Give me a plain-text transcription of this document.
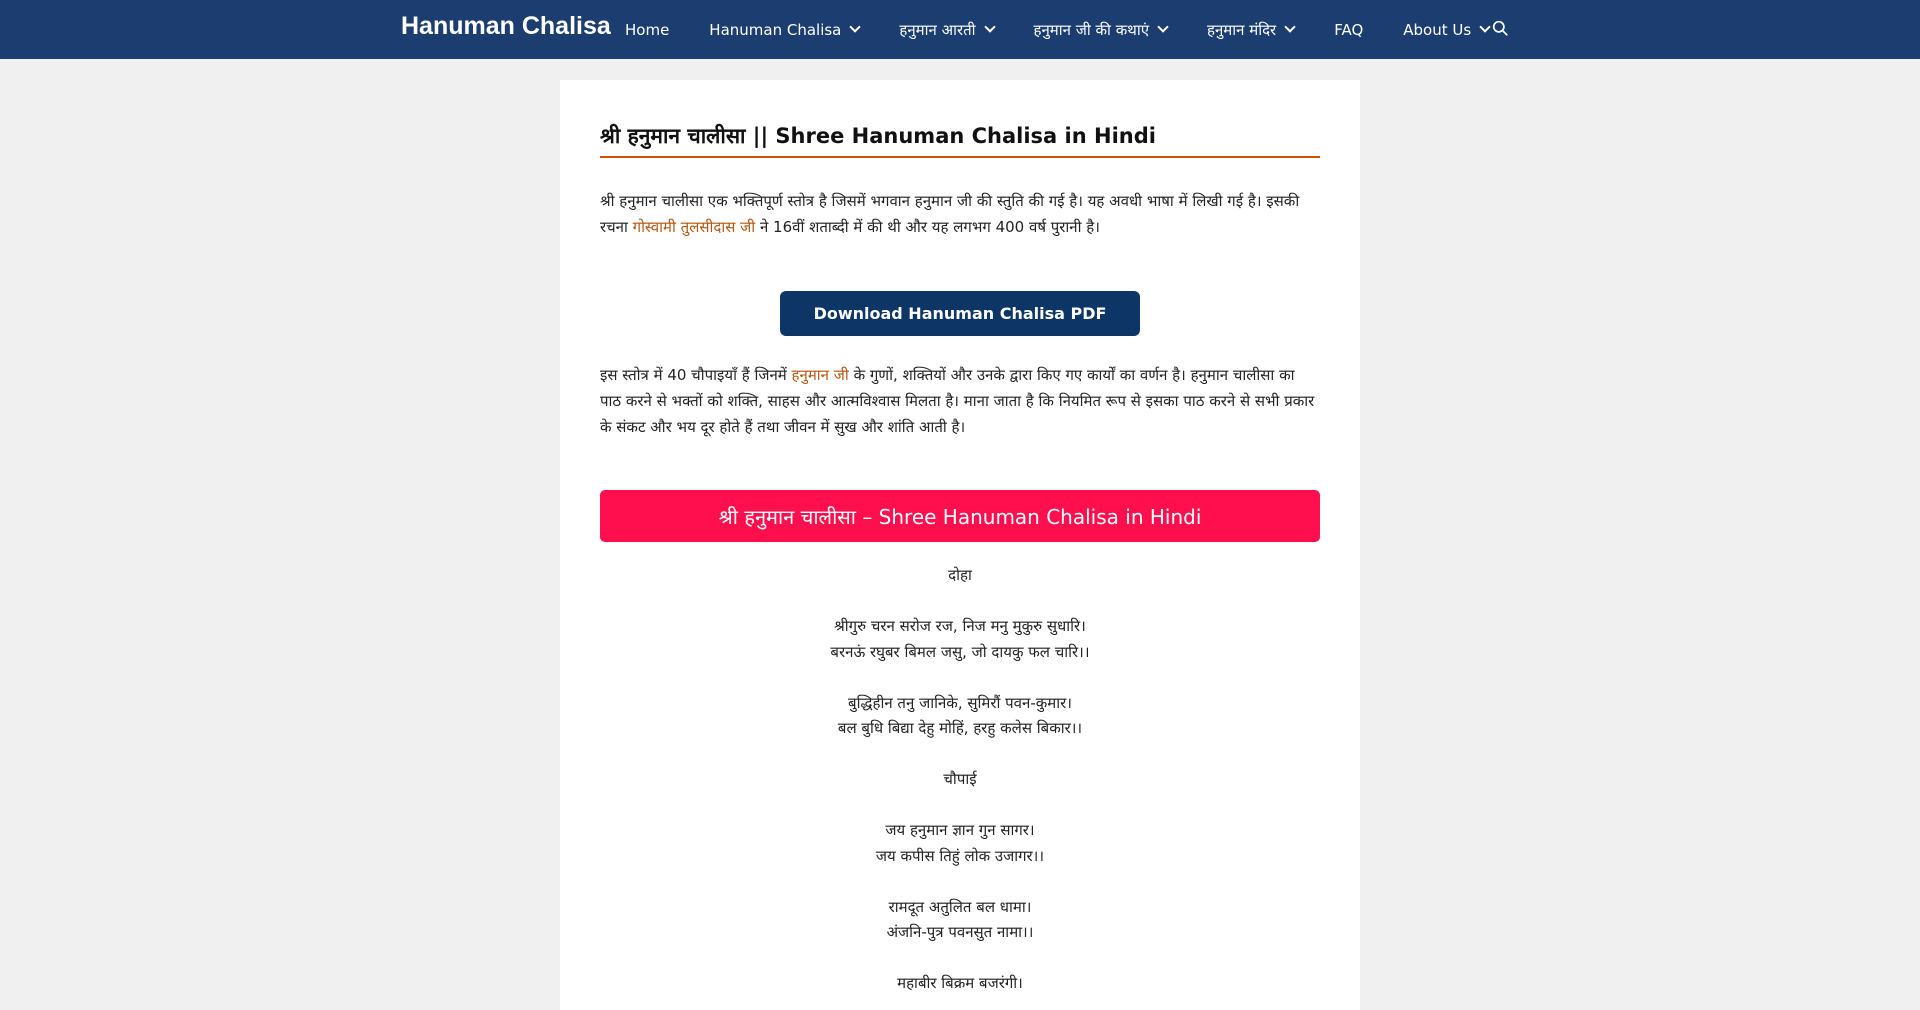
Hanuman Chalisa Home	Hanuman Chalisa	हनुमान आरती	हनुमान जी की कथाएं	हनुमान मंदिर	FAQ	About Us
श्री हनुमान चालीसा || Shree Hanuman Chalisa in Hindi

श्री हनुमान चालीसा एक भक्तिपूर्ण स्तोत्र है जिसमें भगवान हनुमान जी की स्तुति की गई है। यह अवधी भाषा में लिखी गई है। इसकी रचना गोस्वामी तुलसीदास जी ने 16वीं शताब्दी में की थी और यह लगभग 400 वर्ष पुरानी है।

Download Hanuman Chalisa PDF

इस स्तोत्र में 40 चौपाइयाँ हैं जिनमें हनुमान जी के गुणों, शक्तियों और उनके द्वारा किए गए कार्यों का वर्णन है। हनुमान चालीसा का पाठ करने से भक्तों को शक्ति, साहस और आत्मविश्वास मिलता है। माना जाता है कि नियमित रूप से इसका पाठ करने से सभी प्रकार के संकट और भय दूर होते हैं तथा जीवन में सुख और शांति आती है।

श्री हनुमान चालीसा – Shree Hanuman Chalisa in Hindi
दोहा
श्रीगुरु चरन सरोज रज, निज मनु मुकुरु सुधारि।
बरनऊं रघुबर बिमल जसु, जो दायकु फल चारि।।
बुद्धिहीन तनु जानिके, सुमिरौं पवन-कुमार।
बल बुधि बिद्या देहु मोहिं, हरहु कलेस बिकार।।
चौपाई
जय हनुमान ज्ञान गुन सागर।
जय कपीस तिहुं लोक उजागर।।
रामदूत अतुलित बल धामा।
अंजनि-पुत्र पवनसुत नामा।।
महाबीर बिक्रम बजरंगी।
